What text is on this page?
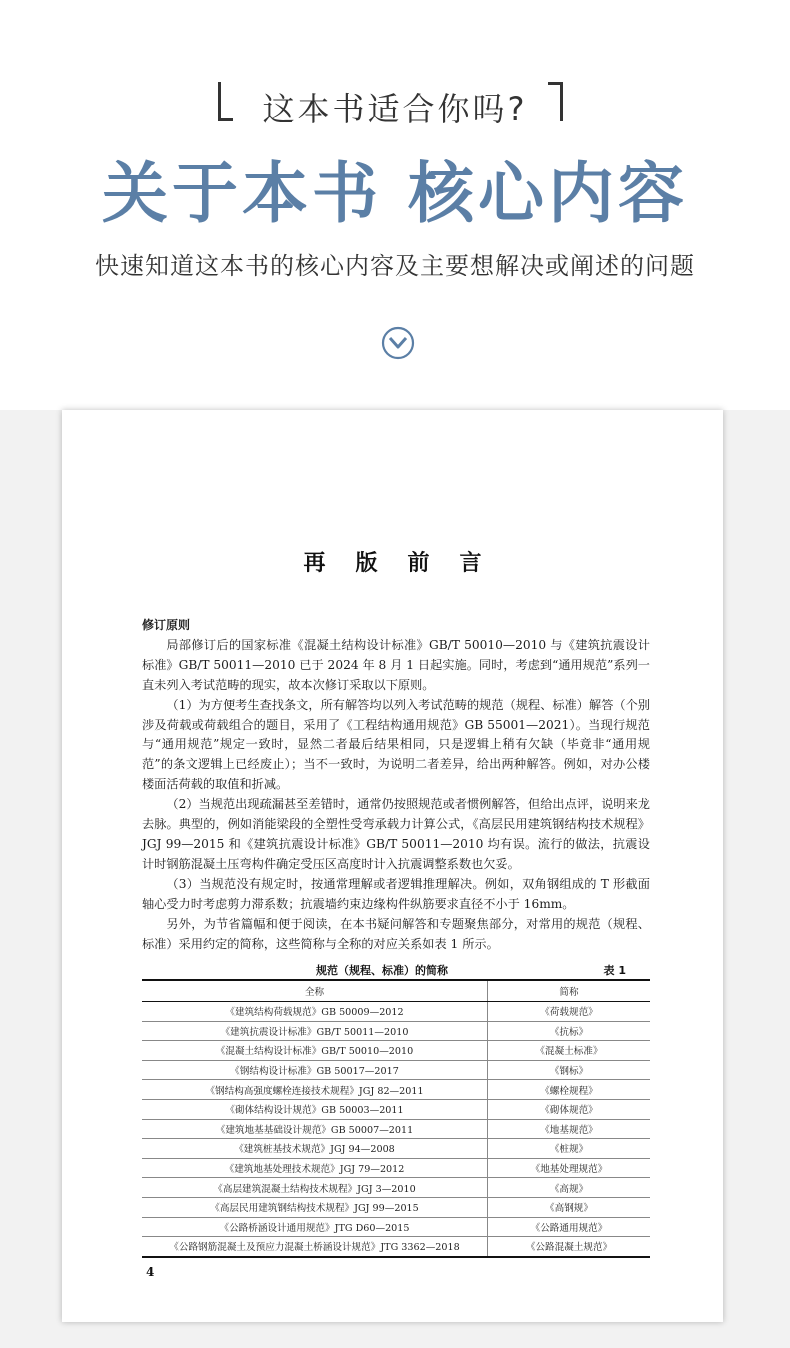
这本书适合你吗?
关于本书 核心内容
快速知道这本书的核心内容及主要想解决或阐述的问题
再版前言

修订原则

局部修订后的国家标准《混凝土结构设计标准》GB/T 50010—2010 与《建筑抗震设计标准》GB/T 50011—2010 已于 2024 年 8 月 1 日起实施。同时，考虑到“通用规范”系列一直未列入考试范畴的现实，故本次修订采取以下原则。

（1）为方便考生查找条文，所有解答均以列入考试范畴的规范（规程、标准）解答（个别涉及荷载或荷载组合的题目，采用了《工程结构通用规范》GB 55001—2021）。当现行规范与“通用规范”规定一致时，显然二者最后结果相同，只是逻辑上稍有欠缺（毕竟非“通用规范”的条文逻辑上已经废止）；当不一致时，为说明二者差异，给出两种解答。例如，对办公楼楼面活荷载的取值和折减。

（2）当规范出现疏漏甚至差错时，通常仍按照规范或者惯例解答，但给出点评，说明来龙去脉。典型的，例如消能梁段的全塑性受弯承载力计算公式，《高层民用建筑钢结构技术规程》JGJ 99—2015 和《建筑抗震设计标准》GB/T 50011—2010 均有误。流行的做法，抗震设计时钢筋混凝土压弯构件确定受压区高度时计入抗震调整系数也欠妥。

（3）当规范没有规定时，按通常理解或者逻辑推理解决。例如，双角钢组成的 T 形截面轴心受力时考虑剪力滞系数；抗震墙约束边缘构件纵筋要求直径不小于 16mm。

另外，为节省篇幅和便于阅读，在本书疑问解答和专题聚焦部分，对常用的规范（规程、标准）采用约定的简称，这些简称与全称的对应关系如表 1 所示。

规范（规程、标准）的简称	表 1
全称	简称
《建筑结构荷载规范》GB 50009—2012	《荷载规范》
《建筑抗震设计标准》GB/T 50011—2010	《抗标》
《混凝土结构设计标准》GB/T 50010—2010	《混凝土标准》
《钢结构设计标准》GB 50017—2017	《钢标》
《钢结构高强度螺栓连接技术规程》JGJ 82—2011	《螺栓规程》
《砌体结构设计规范》GB 50003—2011	《砌体规范》
《建筑地基基础设计规范》GB 50007—2011	《地基规范》
《建筑桩基技术规范》JGJ 94—2008	《桩规》
《建筑地基处理技术规范》JGJ 79—2012	《地基处理规范》
《高层建筑混凝土结构技术规程》JGJ 3—2010	《高规》
《高层民用建筑钢结构技术规程》JGJ 99—2015	《高钢规》
《公路桥涵设计通用规范》JTG D60—2015	《公路通用规范》
《公路钢筋混凝土及预应力混凝土桥涵设计规范》JTG 3362—2018	《公路混凝土规范》
4
